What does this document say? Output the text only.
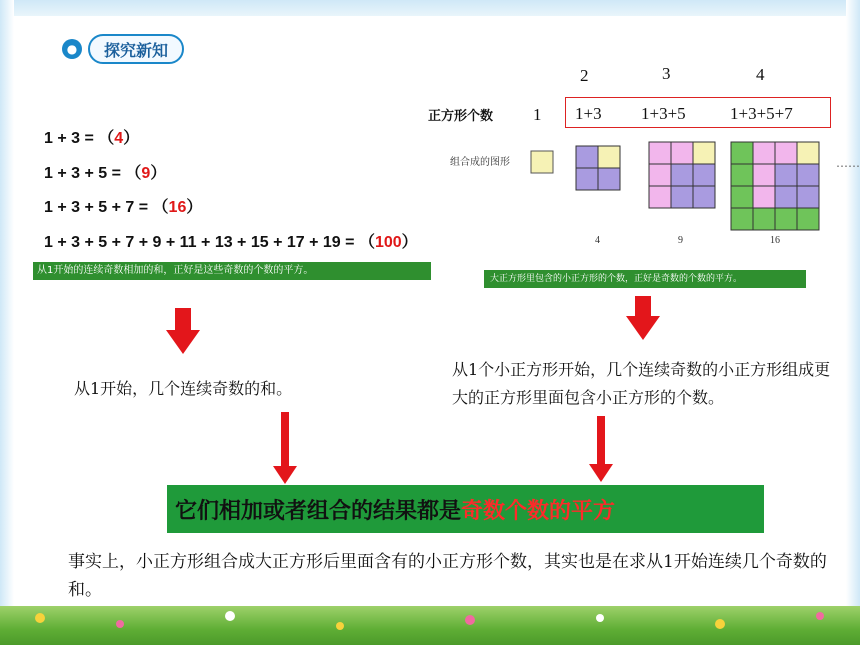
●	探究新知
1 + 3 = （4）
1 + 3 + 5 = （9）
1 + 3 + 5 + 7 = （16）
1 + 3 + 5 + 7 + 9 + 11 + 13 + 15 + 17 + 19 = （100）
从1开始的连续奇数相加的和，正好是这些奇数的个数的平方。
2	3	4
正方形个数 1 1+3 1+3+5	1+3+5+7
组合成的图形
4	9	16
……
大正方形里包含的小正方形的个数，正好是奇数的个数的平方。
从1开始，几个连续奇数的和。
从1个小正方形开始，几个连续奇数的小正方形组成更大的正方形里面包含小正方形的个数。
它们相加或者组合的结果都是 奇数个数的平方
事实上，小正方形组合成大正方形后里面含有的小正方形个数，其实也是在求从1开始连续几个奇数的和。
